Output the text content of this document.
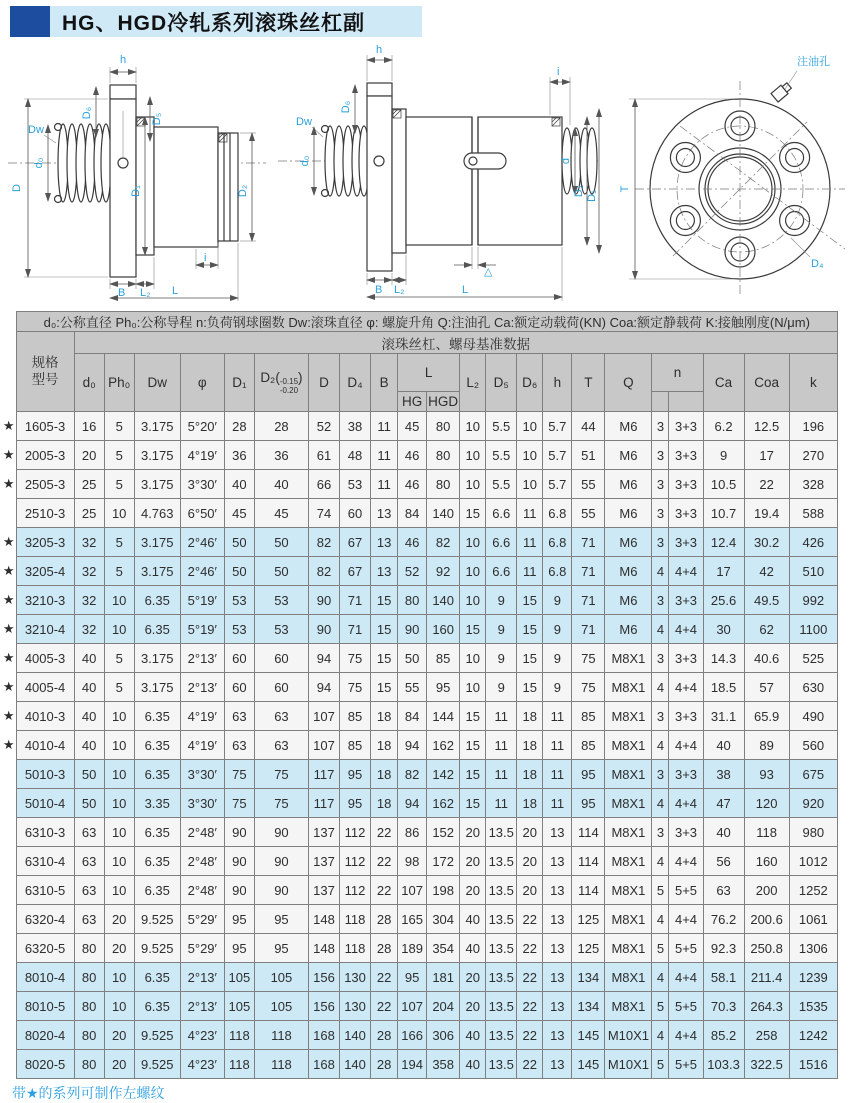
HG、HGD冷轧系列滚珠丝杠副
h
D₆	D₅
Dw
D
d₀
D₁	D₂
B L₂
i
L
h
D₆
Dw
d₀
i
d
D₂ D₁
△
B L₂	L
注油孔
T
D₄
	d₀:公称直径 Ph₀:公称导程 n:负荷钢球圈数 Dw:滚珠直径 φ: 螺旋升角 Q:注油孔 Ca:额定动载荷(KN) Coa:额定静载荷 K:接触刚度(N/μm)																						

	规格
型号	滚珠丝杠、螺母基准数据																					
		d₀	Ph₀	Dw	φ	D₁	D₂( -0.15
-0.20
)	D	D₄	B	L		L₂	D₅	D₆	h	T	Q	n		Ca	Coa	k
											HG	HGD											
★	1605-3	16	5	3.175	5°20′	28	28	52	38	11	45	80	10	5.5	10	5.7	44	M6	3	3+3	6.2	12.5	196
★	2005-3	20	5	3.175	4°19′	36	36	61	48	11	46	80	10	5.5	10	5.7	51	M6	3	3+3	9	17	270
★	2505-3	25	5	3.175	3°30′	40	40	66	53	11	46	80	10	5.5	10	5.7	55	M6	3	3+3	10.5	22	328
	2510-3	25	10	4.763	6°50′	45	45	74	60	13	84	140	15	6.6	11	6.8	55	M6	3	3+3	10.7	19.4	588
★	3205-3	32	5	3.175	2°46′	50	50	82	67	13	46	82	10	6.6	11	6.8	71	M6	3	3+3	12.4	30.2	426
★	3205-4	32	5	3.175	2°46′	50	50	82	67	13	52	92	10	6.6	11	6.8	71	M6	4	4+4	17	42	510
★	3210-3	32	10	6.35	5°19′	53	53	90	71	15	80	140	10	9	15	9	71	M6	3	3+3	25.6	49.5	992
★	3210-4	32	10	6.35	5°19′	53	53	90	71	15	90	160	15	9	15	9	71	M6	4	4+4	30	62	1100
★	4005-3	40	5	3.175	2°13′	60	60	94	75	15	50	85	10	9	15	9	75	M8X1	3	3+3	14.3	40.6	525
★	4005-4	40	5	3.175	2°13′	60	60	94	75	15	55	95	10	9	15	9	75	M8X1	4	4+4	18.5	57	630
★	4010-3	40	10	6.35	4°19′	63	63	107	85	18	84	144	15	11	18	11	85	M8X1	3	3+3	31.1	65.9	490
★	4010-4	40	10	6.35	4°19′	63	63	107	85	18	94	162	15	11	18	11	85	M8X1	4	4+4	40	89	560
	5010-3	50	10	6.35	3°30′	75	75	117	95	18	82	142	15	11	18	11	95	M8X1	3	3+3	38	93	675
	5010-4	50	10	3.35	3°30′	75	75	117	95	18	94	162	15	11	18	11	95	M8X1	4	4+4	47	120	920
	6310-3	63	10	6.35	2°48′	90	90	137	112	22	86	152	20	13.5	20	13	114	M8X1	3	3+3	40	118	980
	6310-4	63	10	6.35	2°48′	90	90	137	112	22	98	172	20	13.5	20	13	114	M8X1	4	4+4	56	160	1012
	6310-5	63	10	6.35	2°48′	90	90	137	112	22	107	198	20	13.5	20	13	114	M8X1	5	5+5	63	200	1252
	6320-4	63	20	9.525	5°29′	95	95	148	118	28	165	304	40	13.5	22	13	125	M8X1	4	4+4	76.2	200.6	1061
	6320-5	80	20	9.525	5°29′	95	95	148	118	28	189	354	40	13.5	22	13	125	M8X1	5	5+5	92.3	250.8	1306
	8010-4	80	10	6.35	2°13′	105	105	156	130	22	95	181	20	13.5	22	13	134	M8X1	4	4+4	58.1	211.4	1239
	8010-5	80	10	6.35	2°13′	105	105	156	130	22	107	204	20	13.5	22	13	134	M8X1	5	5+5	70.3	264.3	1535
	8020-4	80	20	9.525	4°23′	118	118	168	140	28	166	306	40	13.5	22	13	145	M10X1	4	4+4	85.2	258	1242
	8020-5	80	20	9.525	4°23′	118	118	168	140	28	194	358	40	13.5	22	13	145	M10X1	5	5+5	103.3	322.5	1516
带★的系列可制作左螺纹
